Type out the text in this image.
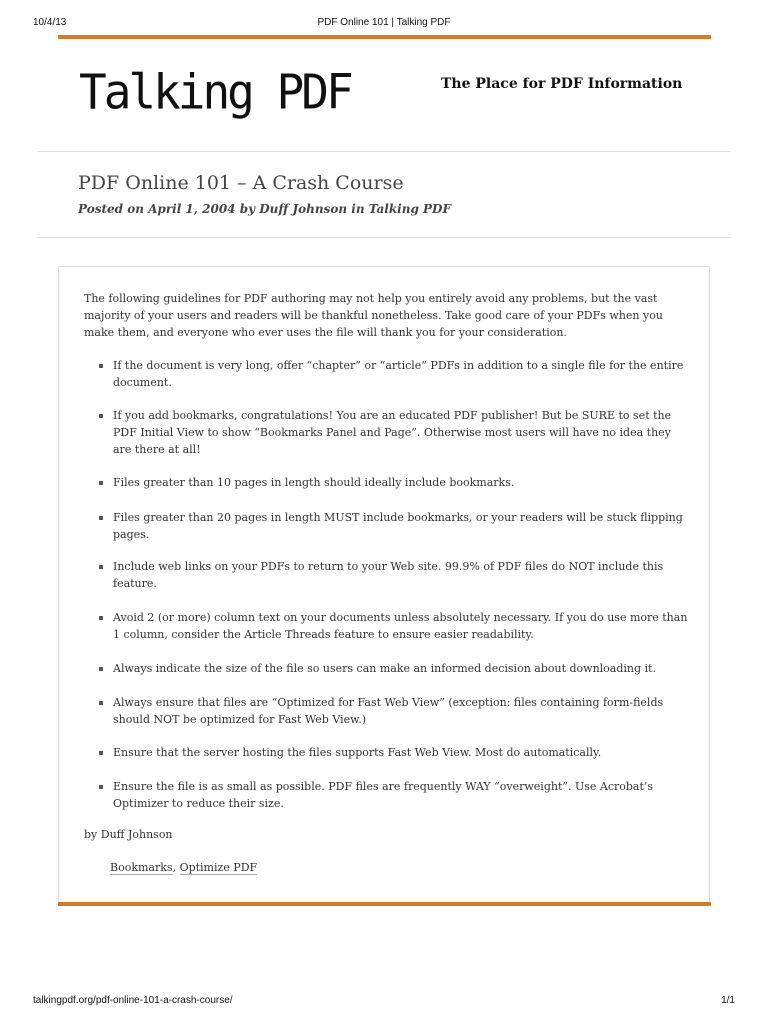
10/4/13	PDF Online 101 | Talking PDF
Talking PDF	The Place for PDF Information
PDF Online 101 – A Crash Course
Posted on April 1, 2004 by Duff Johnson in Talking PDF

The following guidelines for PDF authoring may not help you entirely avoid any problems, but the vast majority of your users and readers will be thankful nonetheless. Take good care of your PDFs when you make them, and everyone who ever uses the file will thank you for your consideration.

If the document is very long, offer “chapter” or “article” PDFs in addition to a single file for the entire document.
If you add bookmarks, congratulations! You are an educated PDF publisher! But be SURE to set the PDF Initial View to show “Bookmarks Panel and Page”. Otherwise most users will have no idea they are there at all!
Files greater than 10 pages in length should ideally include bookmarks.
Files greater than 20 pages in length MUST include bookmarks, or your readers will be stuck flipping pages.
Include web links on your PDFs to return to your Web site. 99.9% of PDF files do NOT include this feature.
Avoid 2 (or more) column text on your documents unless absolutely necessary. If you do use more than 1 column, consider the Article Threads feature to ensure easier readability.
Always indicate the size of the file so users can make an informed decision about downloading it.
Always ensure that files are “Optimized for Fast Web View” (exception: files containing form-fields should NOT be optimized for Fast Web View.)
Ensure that the server hosting the files supports Fast Web View. Most do automatically.
Ensure the file is as small as possible. PDF files are frequently WAY “overweight”. Use Acrobat’s Optimizer to reduce their size.
by Duff Johnson
Bookmarks, Optimize PDF
talkingpdf.org/pdf-online-101-a-crash-course/	1/1
